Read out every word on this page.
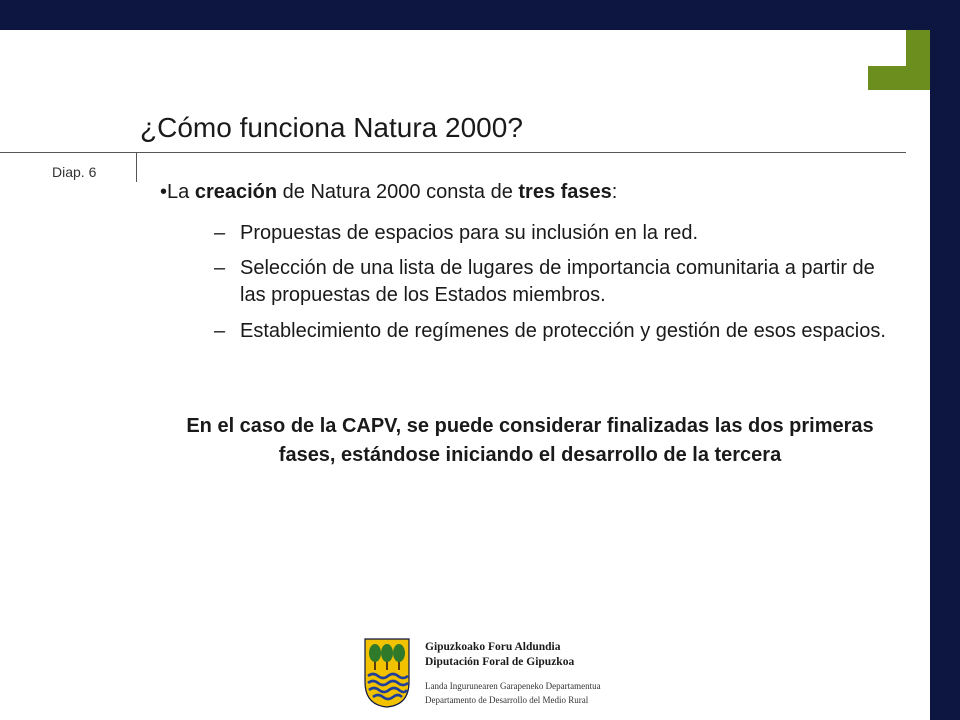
¿Cómo funciona Natura 2000?
Diap. 6
•La creación de Natura 2000 consta de tres fases:
– Propuestas de espacios para su inclusión en la red.
– Selección de una lista de lugares de importancia comunitaria a partir de las propuestas de los Estados miembros.
– Establecimiento de regímenes de protección y gestión de esos espacios.
En el caso de la CAPV, se puede considerar finalizadas las dos primeras fases, estándose iniciando el desarrollo de la tercera
Gipuzkoako Foru Aldundia
Diputación Foral de Gipuzkoa
Landa Ingurunearen Garapeneko Departamentua
Departamento de Desarrollo del Medio Rural
